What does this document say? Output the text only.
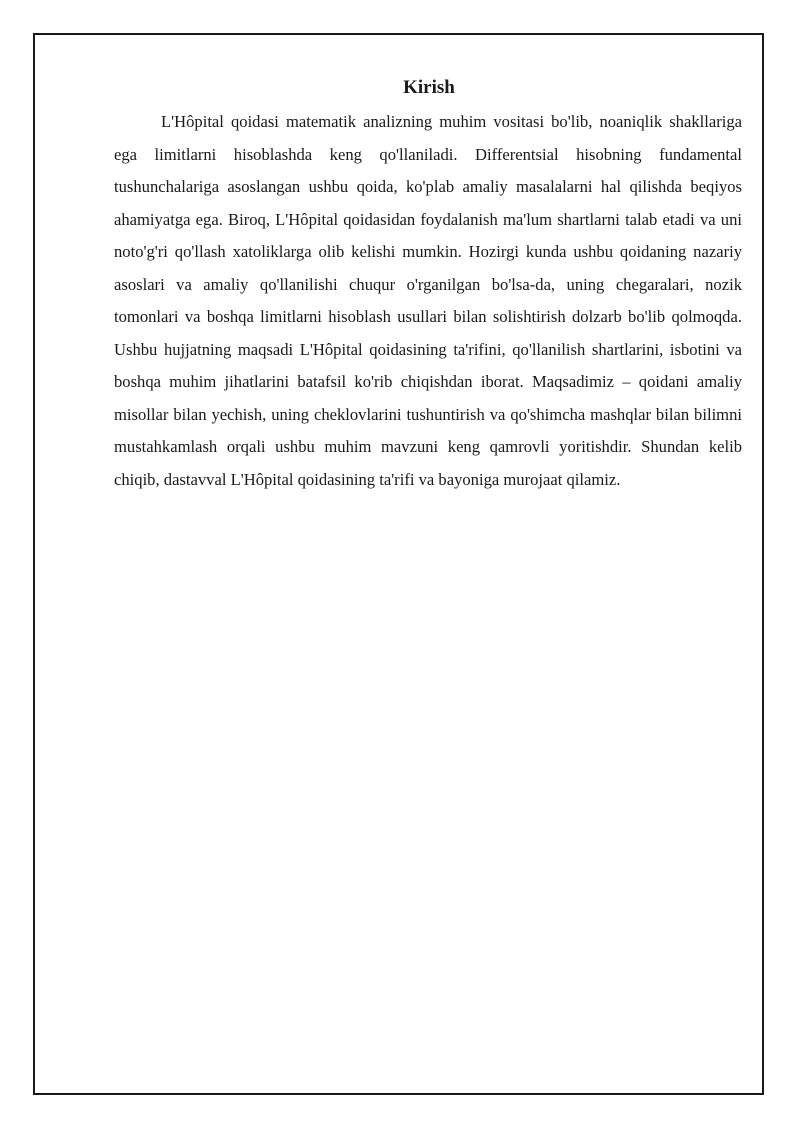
Kirish

L'Hôpital qoidasi matematik analizning muhim vositasi bo'lib, noaniqlik shakllariga ega limitlarni hisoblashda keng qo'llaniladi. Differentsial hisobning fundamental tushunchalariga asoslangan ushbu qoida, ko'plab amaliy masalalarni hal qilishda beqiyos ahamiyatga ega. Biroq, L'Hôpital qoidasidan foydalanish ma'lum shartlarni talab etadi va uni noto'g'ri qo'llash xatoliklarga olib kelishi mumkin. Hozirgi kunda ushbu qoidaning nazariy asoslari va amaliy qo'llanilishi chuqur o'rganilgan bo'lsa-da, uning chegaralari, nozik tomonlari va boshqa limitlarni hisoblash usullari bilan solishtirish dolzarb bo'lib qolmoqda. Ushbu hujjatning maqsadi L'Hôpital qoidasining ta'rifini, qo'llanilish shartlarini, isbotini va boshqa muhim jihatlarini batafsil ko'rib chiqishdan iborat. Maqsadimiz – qoidani amaliy misollar bilan yechish, uning cheklovlarini tushuntirish va qo'shimcha mashqlar bilan bilimni mustahkamlash orqali ushbu muhim mavzuni keng qamrovli yoritishdir. Shundan kelib chiqib, dastavval L'Hôpital qoidasining ta'rifi va bayoniga murojaat qilamiz.
